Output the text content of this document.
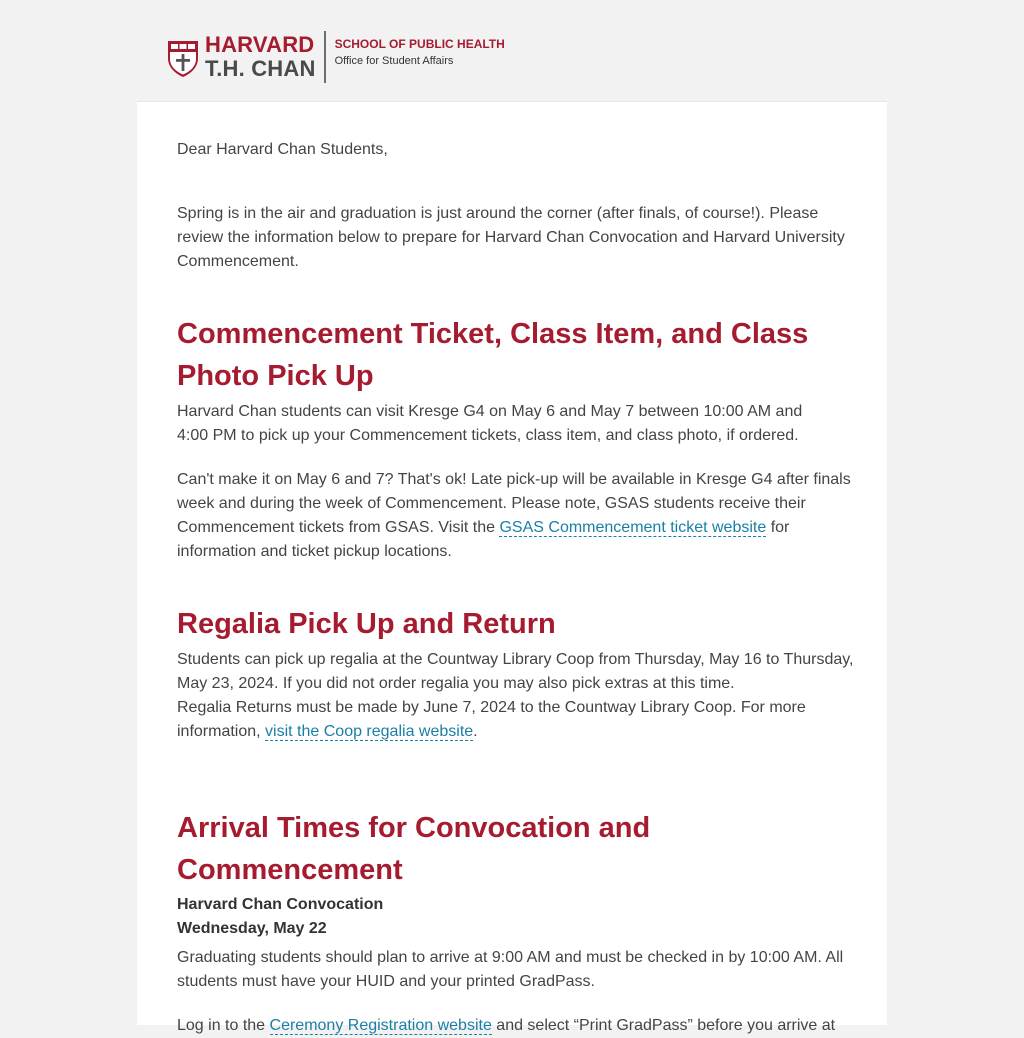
HARVARD
T.H. CHAN
SCHOOL OF PUBLIC HEALTH
Office for Student Affairs

Dear Harvard Chan Students,

Spring is in the air and graduation is just around the corner (after finals, of course!). Please review the information below to prepare for Harvard Chan Convocation and Harvard University Commencement.

Commencement Ticket, Class Item, and Class Photo Pick Up

Harvard Chan students can visit Kresge G4 on May 6 and May 7 between 10:00 AM and 4:00 PM to pick up your Commencement tickets, class item, and class photo, if ordered.

Can't make it on May 6 and 7? That's ok! Late pick-up will be available in Kresge G4 after finals week and during the week of Commencement. Please note, GSAS students receive their Commencement tickets from GSAS. Visit the GSAS Commencement ticket website for information and ticket pickup locations.

Regalia Pick Up and Return

Students can pick up regalia at the Countway Library Coop from Thursday, May 16 to Thursday, May 23, 2024. If you did not order regalia you may also pick extras at this time.

Regalia Returns must be made by June 7, 2024 to the Countway Library Coop. For more information, visit the Coop regalia website.

Arrival Times for Convocation and Commencement
Harvard Chan Convocation
Wednesday, May 22

Graduating students should plan to arrive at 9:00 AM and must be checked in by 10:00 AM. All students must have your HUID and your printed GradPass.

Log in to the Ceremony Registration website and select “Print GradPass” before you arrive at
